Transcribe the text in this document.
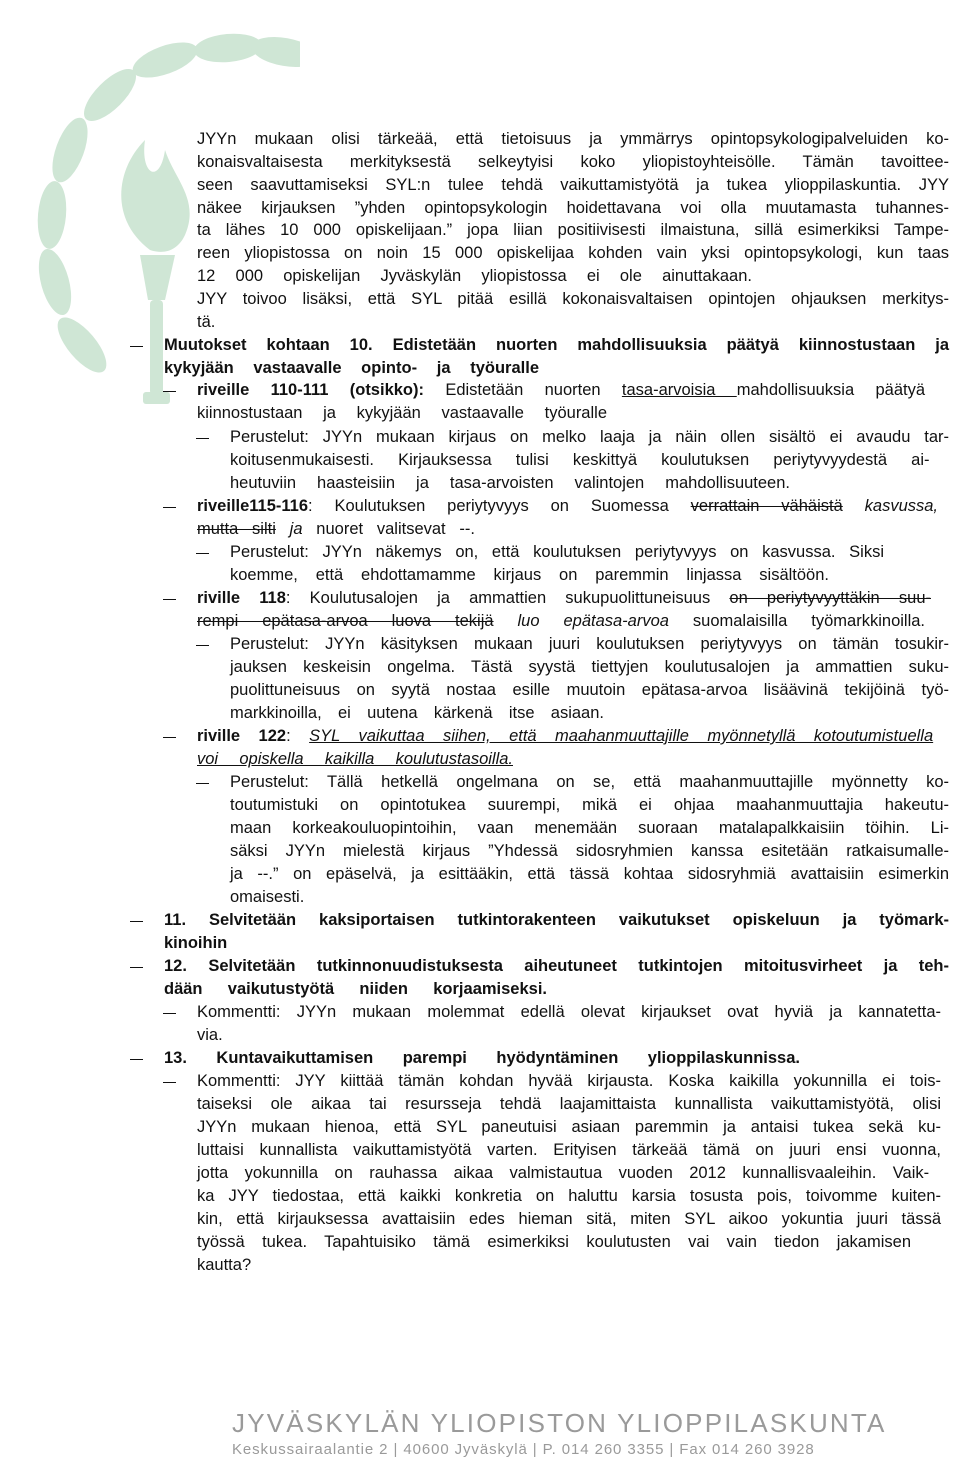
JYYn mukaan olisi tärkeää, että tietoisuus ja ymmärrys opintopsykologipalveluiden ko-
konaisvaltaisesta merkityksestä selkeytyisi koko yliopistoyhteisölle. Tämän tavoittee-
seen saavuttamiseksi SYL:n tulee tehdä vaikuttamistyötä ja tukea ylioppilaskuntia. JYY
näkee kirjauksen ”yhden opintopsykologin hoidettavana voi olla muutamasta tuhannes-
ta lähes 10 000 opiskelijaan.” jopa liian positiivisesti ilmaistuna, sillä esimerkiksi Tampe-
reen yliopistossa on noin 15 000 opiskelijaa kohden vain yksi opintopsykologi, kun taas
12 000 opiskelijan Jyväskylän yliopistossa ei ole ainuttakaan.
JYY toivoo lisäksi, että SYL pitää esillä kokonaisvaltaisen opintojen ohjauksen merkitys-
tä.
Muutokset kohtaan 10. Edistetään nuorten mahdollisuuksia päätyä kiinnostustaan ja
kykyjään vastaavalle opinto- ja työuralle
riveille 110-111 (otsikko): Edistetään nuorten tasa-arvoisia mahdollisuuksia päätyä
kiinnostustaan ja kykyjään vastaavalle työuralle
Perustelut: JYYn mukaan kirjaus on melko laaja ja näin ollen sisältö ei avaudu tar-
koitusenmukaisesti. Kirjauksessa tulisi keskittyä koulutuksen periytyvyydestä ai-
heutuviin haasteisiin ja tasa-arvoisten valintojen mahdollisuuteen.
riveille115-116: Koulutuksen periytyvyys on Suomessa verrattain vähäistä kasvussa,
mutta silti ja nuoret valitsevat --.
Perustelut: JYYn näkemys on, että koulutuksen periytyvyys on kasvussa. Siksi
koemme, että ehdottamamme kirjaus on paremmin linjassa sisältöön.
riville 118: Koulutusalojen ja ammattien sukupuolittuneisuus on periytyvyyttäkin suu-
rempi epätasa-arvoa luova tekijä luo epätasa-arvoa suomalaisilla työmarkkinoilla.
Perustelut: JYYn käsityksen mukaan juuri koulutuksen periytyvyys on tämän tosukir-
jauksen keskeisin ongelma. Tästä syystä tiettyjen koulutusalojen ja ammattien suku-
puolittuneisuus on syytä nostaa esille muutoin epätasa-arvoa lisäävinä tekijöinä työ-
markkinoilla, ei uutena kärkenä itse asiaan.
riville 122: SYL vaikuttaa siihen, että maahanmuuttajille myönnetyllä kotoutumistuella
voi opiskella kaikilla koulutustasoilla.
Perustelut: Tällä hetkellä ongelmana on se, että maahanmuuttajille myönnetty ko-
toutumistuki on opintotukea suurempi, mikä ei ohjaa maahanmuuttajia hakeutu-
maan korkeakouluopintoihin, vaan menemään suoraan matalapalkkaisiin töihin. Li-
säksi JYYn mielestä kirjaus ”Yhdessä sidosryhmien kanssa esitetään ratkaisumalle-
ja --.” on epäselvä, ja esittääkin, että tässä kohtaa sidosryhmiä avattaisiin esimerkin
omaisesti.
11. Selvitetään kaksiportaisen tutkintorakenteen vaikutukset opiskeluun ja työmark-
kinoihin
12. Selvitetään tutkinnonuudistuksesta aiheutuneet tutkintojen mitoitusvirheet ja teh-
dään vaikutustyötä niiden korjaamiseksi.
Kommentti: JYYn mukaan molemmat edellä olevat kirjaukset ovat hyviä ja kannatetta-
via.
13. Kuntavaikuttamisen parempi hyödyntäminen ylioppilaskunnissa.
Kommentti: JYY kiittää tämän kohdan hyvää kirjausta. Koska kaikilla yokunnilla ei tois-
taiseksi ole aikaa tai resursseja tehdä laajamittaista kunnallista vaikuttamistyötä, olisi
JYYn mukaan hienoa, että SYL paneutuisi asiaan paremmin ja antaisi tukea sekä ku-
luttaisi kunnallista vaikuttamistyötä varten. Erityisen tärkeää tämä on juuri ensi vuonna,
jotta yokunnilla on rauhassa aikaa valmistautua vuoden 2012 kunnallisvaaleihin. Vaik-
ka JYY tiedostaa, että kaikki konkretia on haluttu karsia tosusta pois, toivomme kuiten-
kin, että kirjauksessa avattaisiin edes hieman sitä, miten SYL aikoo yokuntia juuri tässä
työssä tukea. Tapahtuisiko tämä esimerkiksi koulutusten vai vain tiedon jakamisen
kautta?
JYVÄSKYLÄN YLIOPISTON YLIOPPILASKUNTA
Keskussairaalantie 2 | 40600 Jyväskylä | P. 014 260 3355 | Fax 014 260 3928
